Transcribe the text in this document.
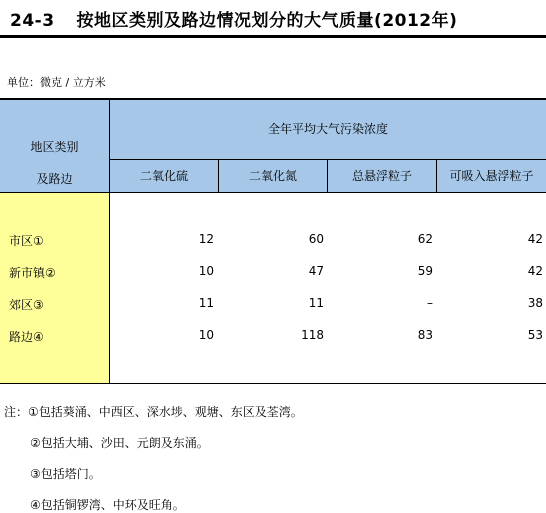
24-3 按地区类别及路边情况划分的大气质量(2012年)
单位：微克 / 立方米
地区类别
及路边
全年平均大气污染浓度
二氧化硫	二氧化氮	总悬浮粒子	可吸入悬浮粒子
市区①	12	60	62	42
新市镇②	10	47	59	42
郊区③	11	11	–	38
路边④	10	118	83	53
注：①包括葵涌、中西区、深水埗、观塘、东区及荃湾。
②包括大埔、沙田、元朗及东涌。
③包括塔门。
④包括铜锣湾、中环及旺角。
